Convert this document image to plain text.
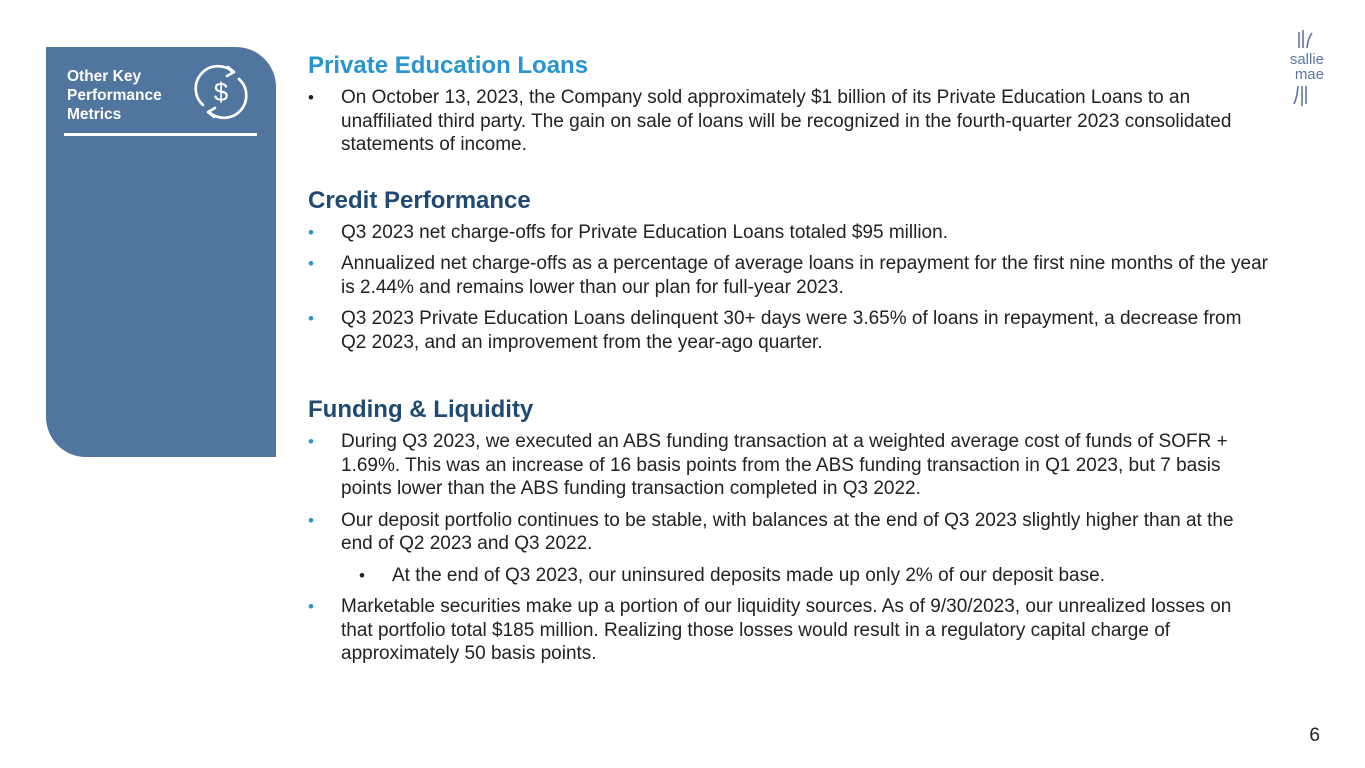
Other Key
Performance
Metrics
$
sallie
mae
Private Education Loans

• On October 13, 2023, the Company sold approximately $1 billion of its Private Education Loans to an unaffiliated third party. The gain on sale of loans will be recognized in the fourth-quarter 2023 consolidated statements of income.

Credit Performance

• Q3 2023 net charge-offs for Private Education Loans totaled $95 million.

• Annualized net charge-offs as a percentage of average loans in repayment for the first nine months of the year is 2.44% and remains lower than our plan for full-year 2023.

• Q3 2023 Private Education Loans delinquent 30+ days were 3.65% of loans in repayment, a decrease from Q2 2023, and an improvement from the year-ago quarter.

Funding & Liquidity

• During Q3 2023, we executed an ABS funding transaction at a weighted average cost of funds of SOFR + 1.69%. This was an increase of 16 basis points from the ABS funding transaction in Q1 2023, but 7 basis points lower than the ABS funding transaction completed in Q3 2022.

• Our deposit portfolio continues to be stable, with balances at the end of Q3 2023 slightly higher than at the end of Q2 2023 and Q3 2022.

• At the end of Q3 2023, our uninsured deposits made up only 2% of our deposit base.

• Marketable securities make up a portion of our liquidity sources. As of 9/30/2023, our unrealized losses on that portfolio total $185 million. Realizing those losses would result in a regulatory capital charge of approximately 50 basis points.

6
